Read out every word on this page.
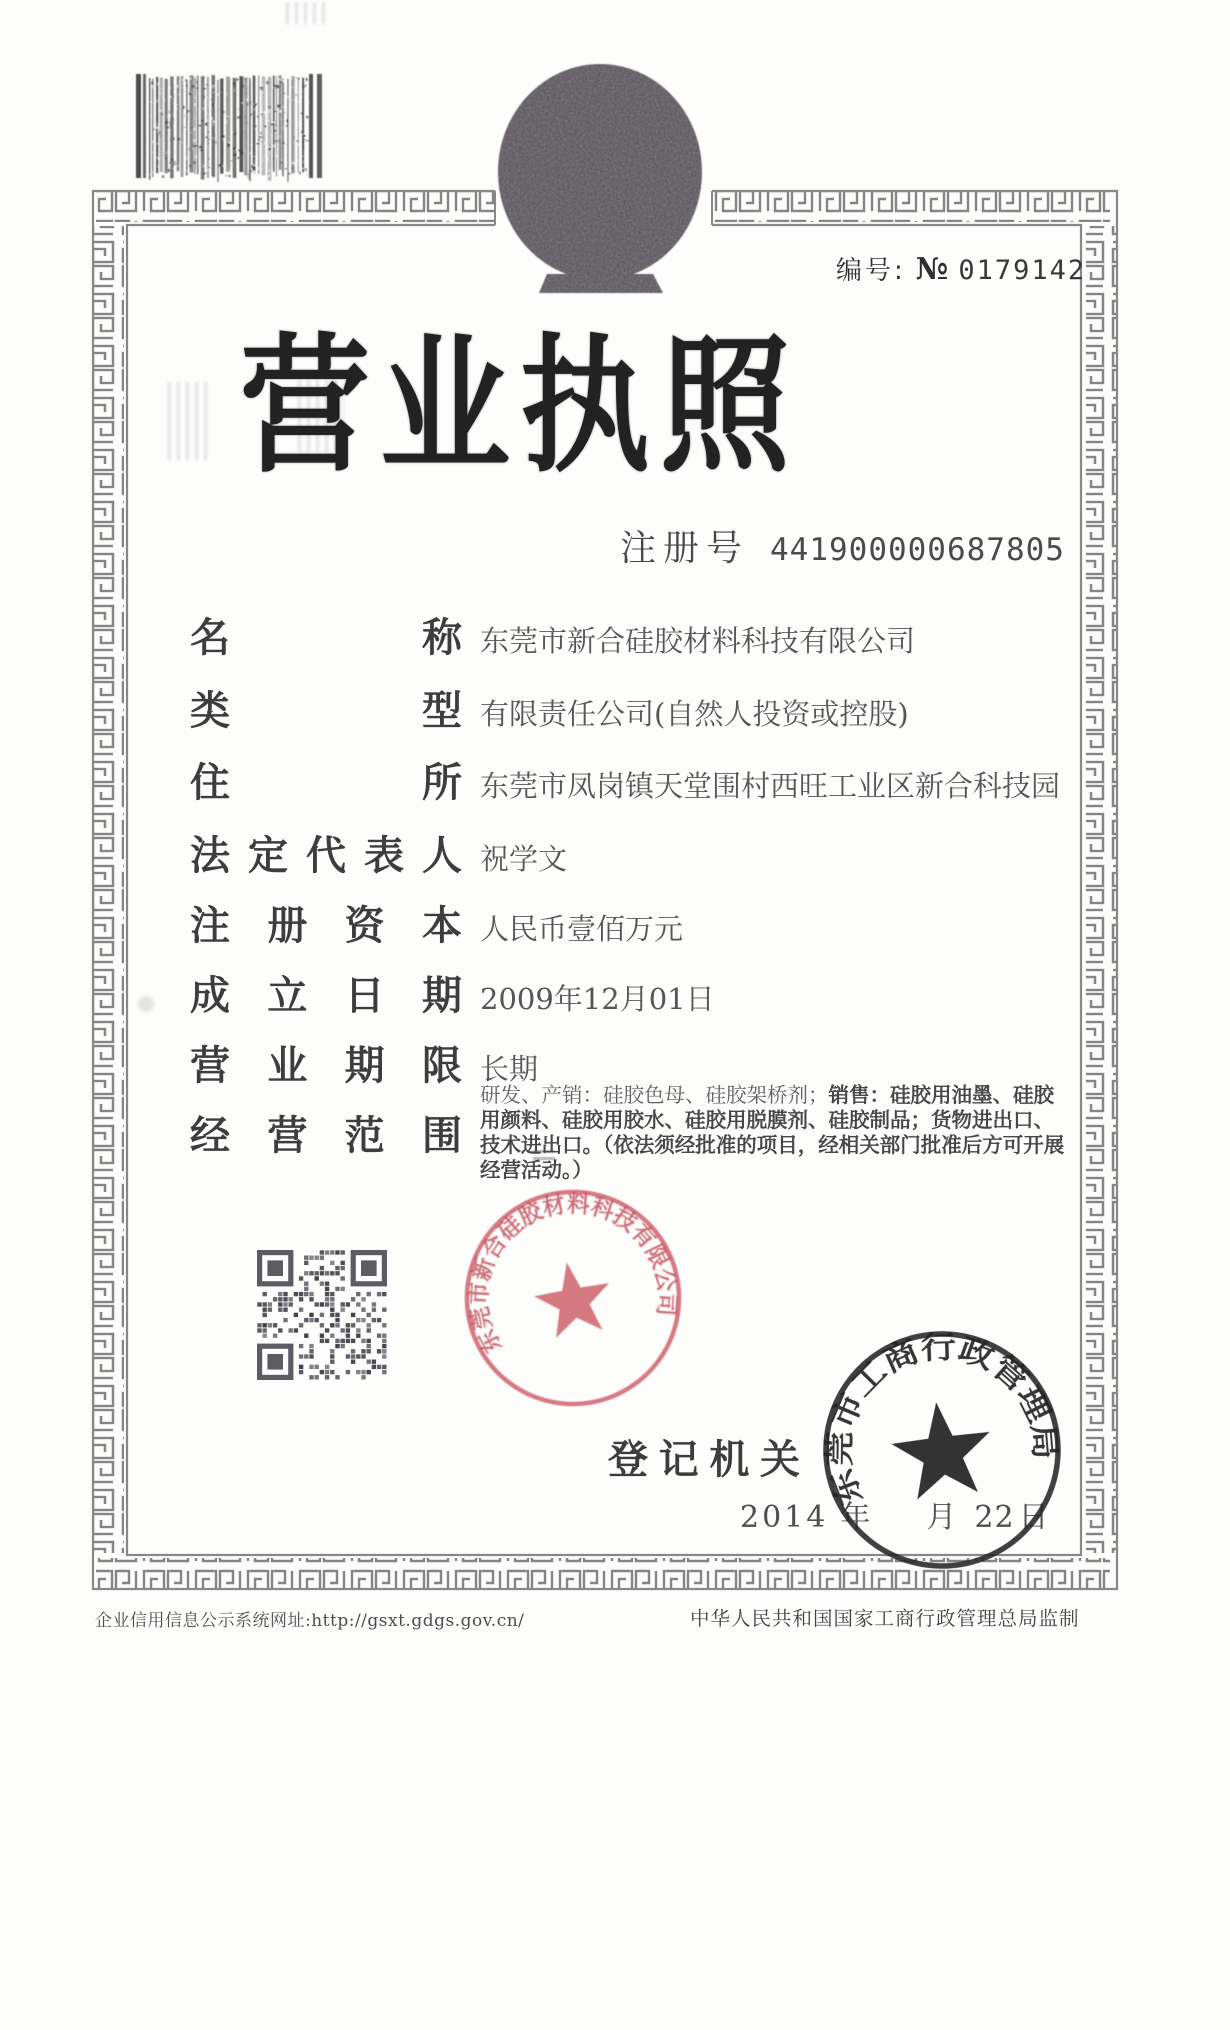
编号: № 0179142
营业执照
注册号 441900000687805
名称 东莞市新合硅胶材料科技有限公司
类型 有限责任公司(自然人投资或控股)
住所 东莞市凤岗镇天堂围村西旺工业区新合科技园
法定代表人 祝学文
注册资本 人民币壹佰万元
成立日期 2009年12月01日
营业期限 长期
经营范围
研发、产销：硅胶色母、硅胶架桥剂；销售：硅胶用油墨、硅胶用颜料、硅胶用胶水、硅胶用脱膜剂、硅胶制品；货物进出口、技术进出口。（依法须经批准的项目，经相关部门批准后方可开展经营活动。）
东莞市新合硅胶材料科技有限公司
登记机关
2014 年 月 22 日
东莞市工商行政管理局
企业信用信息公示系统网址:http://gsxt.gdgs.gov.cn/	中华人民共和国国家工商行政管理总局监制
